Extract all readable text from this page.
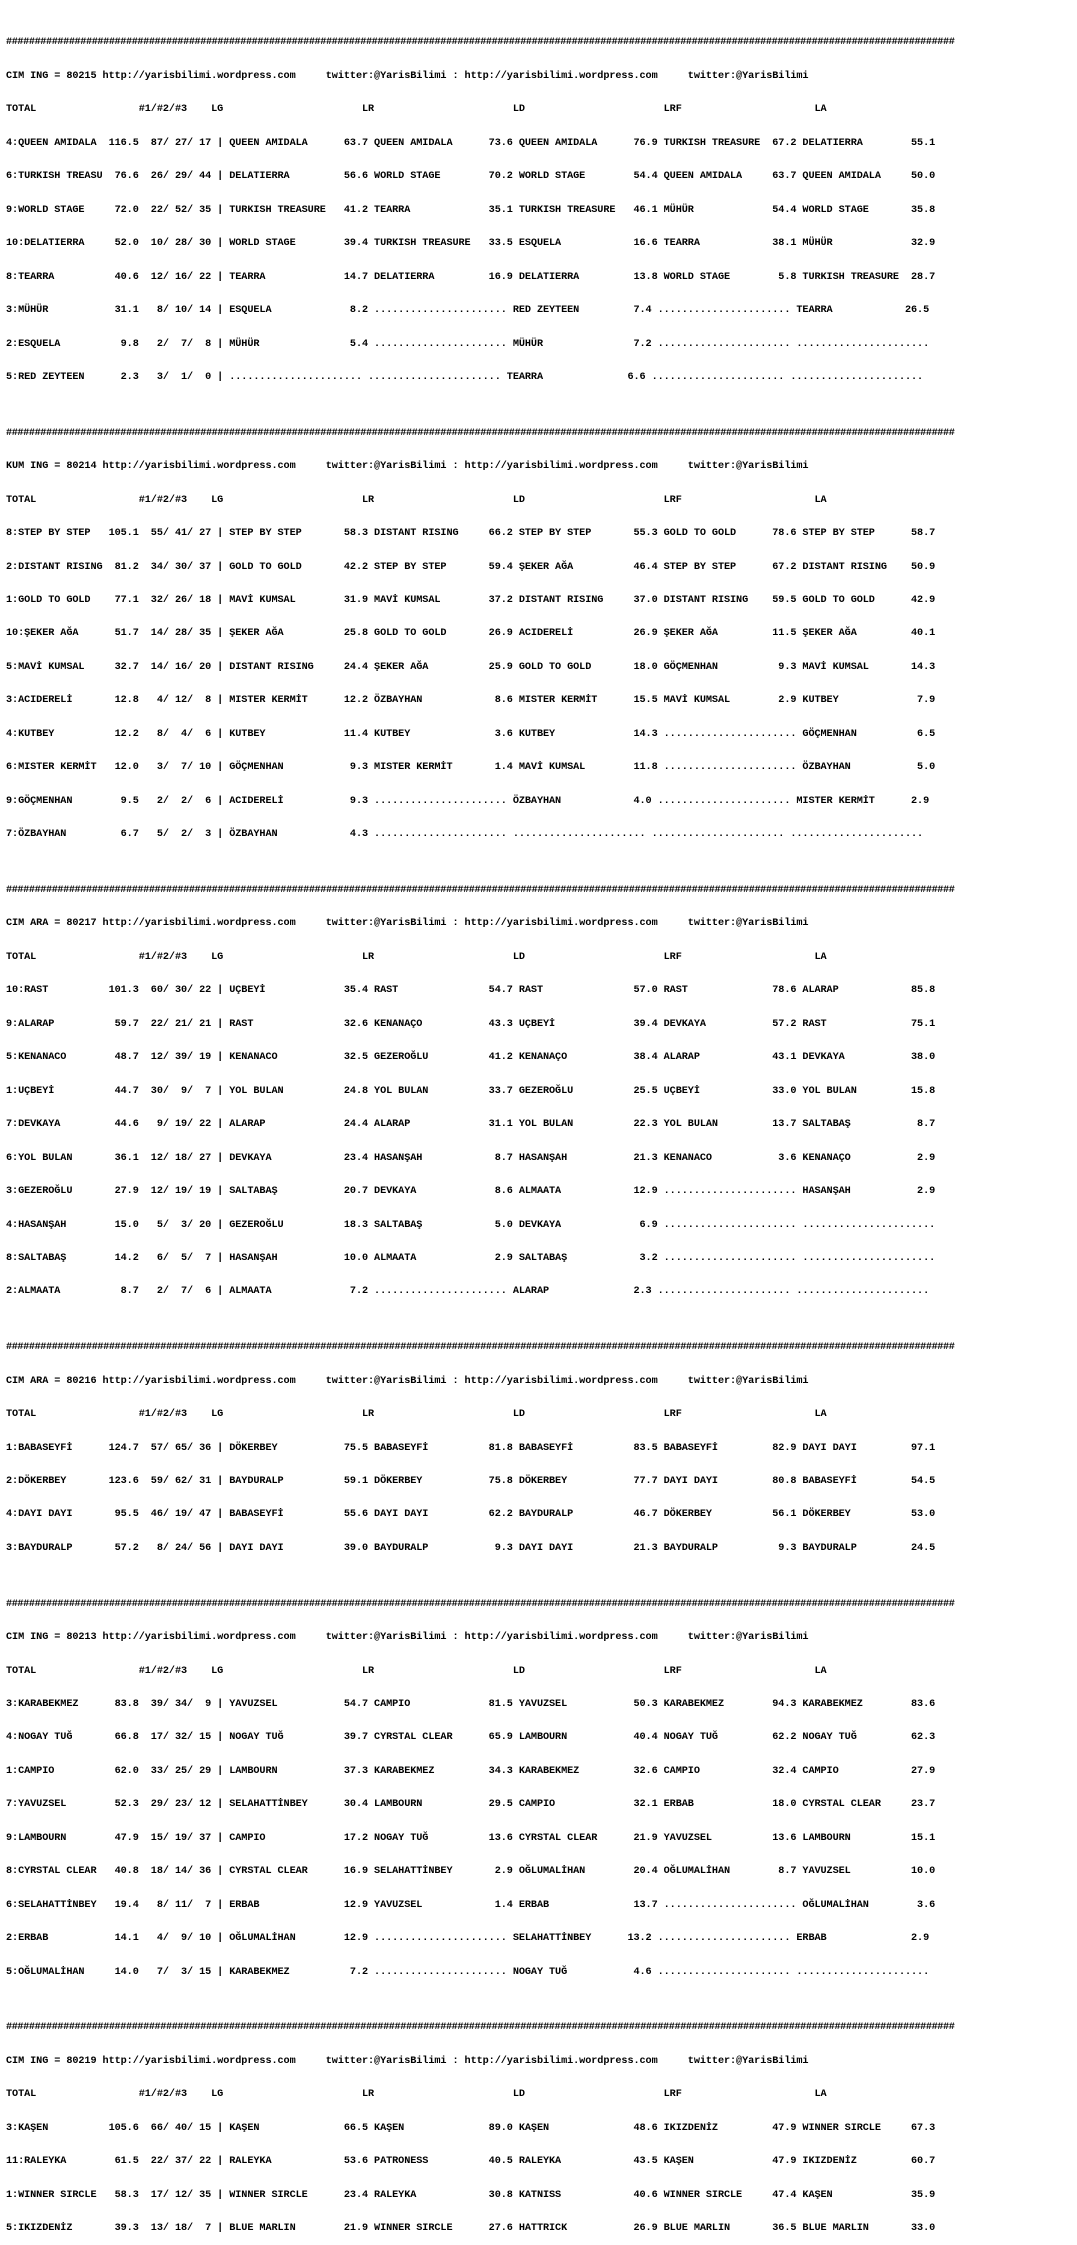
######################################################################################################################################################################

CIM ING = 80215 http://yarisbilimi.wordpress.com     twitter:@YarisBilimi : http://yarisbilimi.wordpress.com     twitter:@YarisBilimi

TOTAL                 #1/#2/#3    LG                       LR                       LD                       LRF                      LA

4:QUEEN AMIDALA  116.5  87/ 27/ 17 | QUEEN AMIDALA      63.7 QUEEN AMIDALA      73.6 QUEEN AMIDALA      76.9 TURKISH TREASURE  67.2 DELATIERRA        55.1

6:TURKISH TREASU  76.6  26/ 29/ 44 | DELATIERRA         56.6 WORLD STAGE        70.2 WORLD STAGE        54.4 QUEEN AMIDALA     63.7 QUEEN AMIDALA     50.0

9:WORLD STAGE     72.0  22/ 52/ 35 | TURKISH TREASURE   41.2 TEARRA             35.1 TURKISH TREASURE   46.1 MÜHÜR             54.4 WORLD STAGE       35.8

10:DELATIERRA     52.0  10/ 28/ 30 | WORLD STAGE        39.4 TURKISH TREASURE   33.5 ESQUELA            16.6 TEARRA            38.1 MÜHÜR             32.9

8:TEARRA          40.6  12/ 16/ 22 | TEARRA             14.7 DELATIERRA         16.9 DELATIERRA         13.8 WORLD STAGE        5.8 TURKISH TREASURE  28.7

3:MÜHÜR           31.1   8/ 10/ 14 | ESQUELA             8.2 ...................... RED ZEYTEEN         7.4 ...................... TEARRA            26.5

2:ESQUELA          9.8   2/  7/  8 | MÜHÜR               5.4 ...................... MÜHÜR               7.2 ...................... ......................

5:RED ZEYTEEN      2.3   3/  1/  0 | ...................... ...................... TEARRA              6.6 ...................... ......................

######################################################################################################################################################################

KUM ING = 80214 http://yarisbilimi.wordpress.com     twitter:@YarisBilimi : http://yarisbilimi.wordpress.com     twitter:@YarisBilimi

TOTAL                 #1/#2/#3    LG                       LR                       LD                       LRF                      LA

8:STEP BY STEP   105.1  55/ 41/ 27 | STEP BY STEP       58.3 DISTANT RISING     66.2 STEP BY STEP       55.3 GOLD TO GOLD      78.6 STEP BY STEP      58.7

2:DISTANT RISING  81.2  34/ 30/ 37 | GOLD TO GOLD       42.2 STEP BY STEP       59.4 ŞEKER AĞA          46.4 STEP BY STEP      67.2 DISTANT RISING    50.9

1:GOLD TO GOLD    77.1  32/ 26/ 18 | MAVİ KUMSAL        31.9 MAVİ KUMSAL        37.2 DISTANT RISING     37.0 DISTANT RISING    59.5 GOLD TO GOLD      42.9

10:ŞEKER AĞA      51.7  14/ 28/ 35 | ŞEKER AĞA          25.8 GOLD TO GOLD       26.9 ACIDERELİ          26.9 ŞEKER AĞA         11.5 ŞEKER AĞA         40.1

5:MAVİ KUMSAL     32.7  14/ 16/ 20 | DISTANT RISING     24.4 ŞEKER AĞA          25.9 GOLD TO GOLD       18.0 GÖÇMENHAN          9.3 MAVİ KUMSAL       14.3

3:ACIDERELİ       12.8   4/ 12/  8 | MISTER KERMİT      12.2 ÖZBAYHAN            8.6 MISTER KERMİT      15.5 MAVİ KUMSAL        2.9 KUTBEY             7.9

4:KUTBEY          12.2   8/  4/  6 | KUTBEY             11.4 KUTBEY              3.6 KUTBEY             14.3 ...................... GÖÇMENHAN          6.5

6:MISTER KERMİT   12.0   3/  7/ 10 | GÖÇMENHAN           9.3 MISTER KERMİT       1.4 MAVİ KUMSAL        11.8 ...................... ÖZBAYHAN           5.0

9:GÖÇMENHAN        9.5   2/  2/  6 | ACIDERELİ           9.3 ...................... ÖZBAYHAN            4.0 ...................... MISTER KERMİT      2.9

7:ÖZBAYHAN         6.7   5/  2/  3 | ÖZBAYHAN            4.3 ...................... ...................... ...................... ......................

######################################################################################################################################################################

CIM ARA = 80217 http://yarisbilimi.wordpress.com     twitter:@YarisBilimi : http://yarisbilimi.wordpress.com     twitter:@YarisBilimi

TOTAL                 #1/#2/#3    LG                       LR                       LD                       LRF                      LA

10:RAST          101.3  60/ 30/ 22 | UÇBEYİ             35.4 RAST               54.7 RAST               57.0 RAST              78.6 ALARAP            85.8

9:ALARAP          59.7  22/ 21/ 21 | RAST               32.6 KENANAÇO           43.3 UÇBEYİ             39.4 DEVKAYA           57.2 RAST              75.1

5:KENANACO        48.7  12/ 39/ 19 | KENANACO           32.5 GEZEROĞLU          41.2 KENANAÇO           38.4 ALARAP            43.1 DEVKAYA           38.0

1:UÇBEYİ          44.7  30/  9/  7 | YOL BULAN          24.8 YOL BULAN          33.7 GEZEROĞLU          25.5 UÇBEYİ            33.0 YOL BULAN         15.8

7:DEVKAYA         44.6   9/ 19/ 22 | ALARAP             24.4 ALARAP             31.1 YOL BULAN          22.3 YOL BULAN         13.7 SALTABAŞ           8.7

6:YOL BULAN       36.1  12/ 18/ 27 | DEVKAYA            23.4 HASANŞAH            8.7 HASANŞAH           21.3 KENANACO           3.6 KENANAÇO           2.9

3:GEZEROĞLU       27.9  12/ 19/ 19 | SALTABAŞ           20.7 DEVKAYA             8.6 ALMAATA            12.9 ...................... HASANŞAH           2.9

4:HASANŞAH        15.0   5/  3/ 20 | GEZEROĞLU          18.3 SALTABAŞ            5.0 DEVKAYA             6.9 ...................... ......................

8:SALTABAŞ        14.2   6/  5/  7 | HASANŞAH           10.0 ALMAATA             2.9 SALTABAŞ            3.2 ...................... ......................

2:ALMAATA          8.7   2/  7/  6 | ALMAATA             7.2 ...................... ALARAP              2.3 ...................... ......................

######################################################################################################################################################################

CIM ARA = 80216 http://yarisbilimi.wordpress.com     twitter:@YarisBilimi : http://yarisbilimi.wordpress.com     twitter:@YarisBilimi

TOTAL                 #1/#2/#3    LG                       LR                       LD                       LRF                      LA

1:BABASEYFİ      124.7  57/ 65/ 36 | DÖKERBEY           75.5 BABASEYFİ          81.8 BABASEYFİ          83.5 BABASEYFİ         82.9 DAYI DAYI         97.1

2:DÖKERBEY       123.6  59/ 62/ 31 | BAYDURALP          59.1 DÖKERBEY           75.8 DÖKERBEY           77.7 DAYI DAYI         80.8 BABASEYFİ         54.5

4:DAYI DAYI       95.5  46/ 19/ 47 | BABASEYFİ          55.6 DAYI DAYI          62.2 BAYDURALP          46.7 DÖKERBEY          56.1 DÖKERBEY          53.0

3:BAYDURALP       57.2   8/ 24/ 56 | DAYI DAYI          39.0 BAYDURALP           9.3 DAYI DAYI          21.3 BAYDURALP          9.3 BAYDURALP         24.5

######################################################################################################################################################################

CIM ING = 80213 http://yarisbilimi.wordpress.com     twitter:@YarisBilimi : http://yarisbilimi.wordpress.com     twitter:@YarisBilimi

TOTAL                 #1/#2/#3    LG                       LR                       LD                       LRF                      LA

3:KARABEKMEZ      83.8  39/ 34/  9 | YAVUZSEL           54.7 CAMPIO             81.5 YAVUZSEL           50.3 KARABEKMEZ        94.3 KARABEKMEZ        83.6

4:NOGAY TUĞ       66.8  17/ 32/ 15 | NOGAY TUĞ          39.7 CYRSTAL CLEAR      65.9 LAMBOURN           40.4 NOGAY TUĞ         62.2 NOGAY TUĞ         62.3

1:CAMPIO          62.0  33/ 25/ 29 | LAMBOURN           37.3 KARABEKMEZ         34.3 KARABEKMEZ         32.6 CAMPIO            32.4 CAMPIO            27.9

7:YAVUZSEL        52.3  29/ 23/ 12 | SELAHATTİNBEY      30.4 LAMBOURN           29.5 CAMPIO             32.1 ERBAB             18.0 CYRSTAL CLEAR     23.7

9:LAMBOURN        47.9  15/ 19/ 37 | CAMPIO             17.2 NOGAY TUĞ          13.6 CYRSTAL CLEAR      21.9 YAVUZSEL          13.6 LAMBOURN          15.1

8:CYRSTAL CLEAR   40.8  18/ 14/ 36 | CYRSTAL CLEAR      16.9 SELAHATTİNBEY       2.9 OĞLUMALİHAN        20.4 OĞLUMALİHAN        8.7 YAVUZSEL          10.0

6:SELAHATTİNBEY   19.4   8/ 11/  7 | ERBAB              12.9 YAVUZSEL            1.4 ERBAB              13.7 ...................... OĞLUMALİHAN        3.6

2:ERBAB           14.1   4/  9/ 10 | OĞLUMALİHAN        12.9 ...................... SELAHATTİNBEY      13.2 ...................... ERBAB              2.9

5:OĞLUMALİHAN     14.0   7/  3/ 15 | KARABEKMEZ          7.2 ...................... NOGAY TUĞ           4.6 ...................... ......................

######################################################################################################################################################################

CIM ING = 80219 http://yarisbilimi.wordpress.com     twitter:@YarisBilimi : http://yarisbilimi.wordpress.com     twitter:@YarisBilimi

TOTAL                 #1/#2/#3    LG                       LR                       LD                       LRF                      LA

3:KAŞEN          105.6  66/ 40/ 15 | KAŞEN              66.5 KAŞEN              89.0 KAŞEN              48.6 IKIZDENİZ         47.9 WINNER SIRCLE     67.3

11:RALEYKA        61.5  22/ 37/ 22 | RALEYKA            53.6 PATRONESS          40.5 RALEYKA            43.5 KAŞEN             47.9 IKIZDENİZ         60.7

1:WINNER SIRCLE   58.3  17/ 12/ 35 | WINNER SIRCLE      23.4 RALEYKA            30.8 KATNISS            40.6 WINNER SIRCLE     47.4 KAŞEN             35.9

5:IKIZDENİZ       39.3  13/ 18/  7 | BLUE MARLIN        21.9 WINNER SIRCLE      27.6 HATTRICK           26.9 BLUE MARLIN       36.5 BLUE MARLIN       33.0
